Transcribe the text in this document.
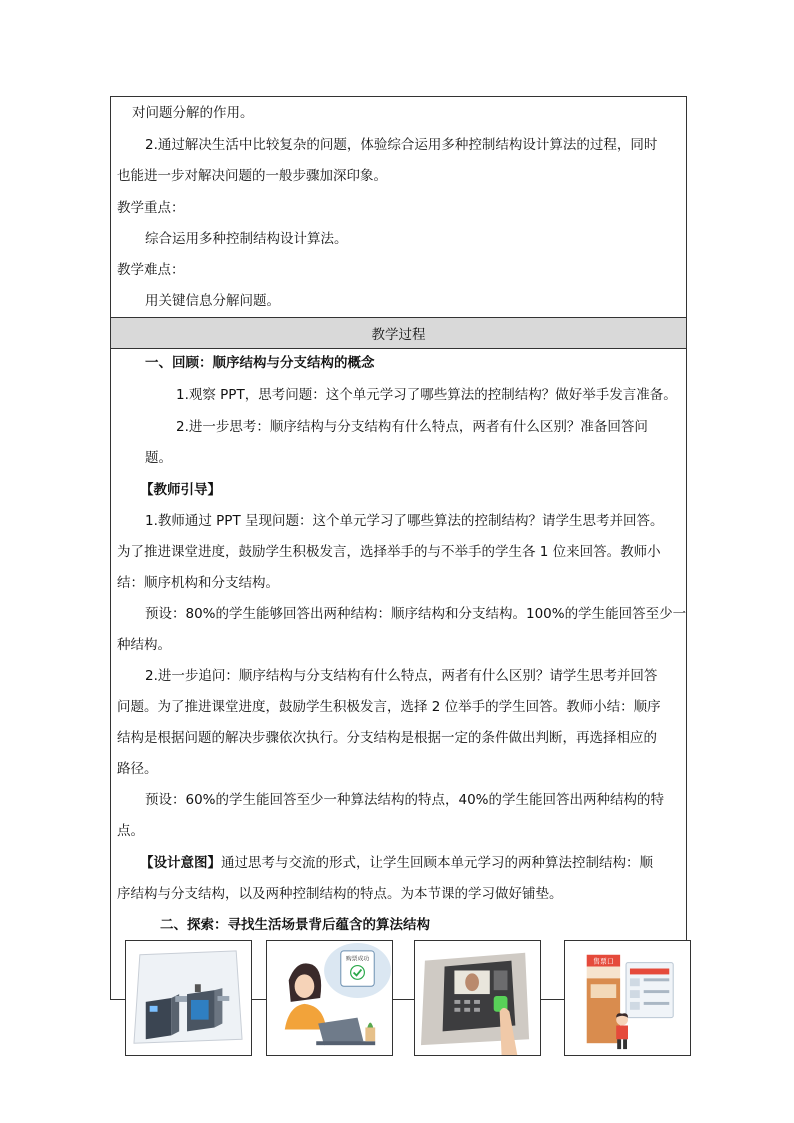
对问题分解的作用。
2.通过解决生活中比较复杂的问题，体验综合运用多种控制结构设计算法的过程，同时
也能进一步对解决问题的一般步骤加深印象。
教学重点：
综合运用多种控制结构设计算法。
教学难点：
用关键信息分解问题。
教学过程
一、回顾：顺序结构与分支结构的概念
1.观察 PPT，思考问题：这个单元学习了哪些算法的控制结构？做好举手发言准备。
2.进一步思考：顺序结构与分支结构有什么特点，两者有什么区别？准备回答问
题。
【教师引导】
1.教师通过 PPT 呈现问题：这个单元学习了哪些算法的控制结构？请学生思考并回答。
为了推进课堂进度，鼓励学生积极发言，选择举手的与不举手的学生各 1 位来回答。教师小
结：顺序机构和分支结构。
预设：80%的学生能够回答出两种结构：顺序结构和分支结构。100%的学生能回答至少一
种结构。
2.进一步追问：顺序结构与分支结构有什么特点，两者有什么区别？请学生思考并回答
问题。为了推进课堂进度，鼓励学生积极发言，选择 2 位举手的学生回答。教师小结：顺序
结构是根据问题的解决步骤依次执行。分支结构是根据一定的条件做出判断，再选择相应的
路径。
预设：60%的学生能回答至少一种算法结构的特点，40%的学生能回答出两种结构的特
点。
【设计意图】通过思考与交流的形式，让学生回顾本单元学习的两种算法控制结构：顺
序结构与分支结构，以及两种控制结构的特点。为本节课的学习做好铺垫。
二、探索：寻找生活场景背后蕴含的算法结构
购票成功	售票口
